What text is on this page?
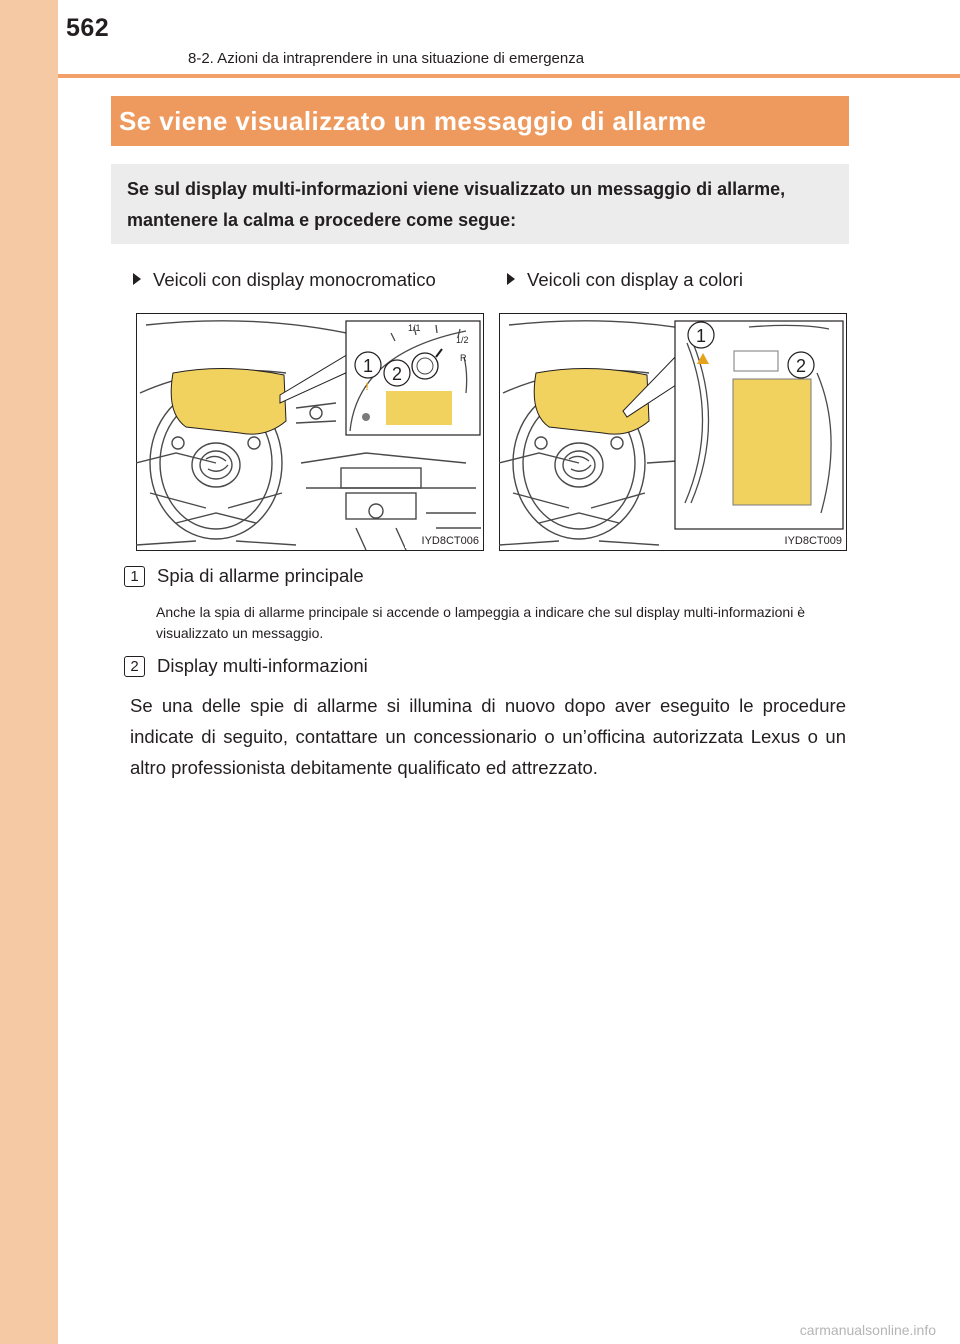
562
8-2. Azioni da intraprendere in una situazione di emergenza
Se viene visualizzato un messaggio di allarme
Se sul display multi-informazioni viene visualizzato un messaggio di allarme, mantenere la calma e procedere come segue:
Veicoli con display monocromatico	Veicoli con display a colori
1/1
1/2
R
1 2
!
IYD8CT006
1
2
IYD8CT009
1 Spia di allarme principale
Anche la spia di allarme principale si accende o lampeggia a indicare che sul display multi-informazioni è visualizzato un messaggio.
2 Display multi-informazioni
Se una delle spie di allarme si illumina di nuovo dopo aver eseguito le procedure indicate di seguito, contattare un concessionario o un’officina autorizzata Lexus o un altro professionista debitamente qualificato ed attrezzato.
carmanualsonline.info
